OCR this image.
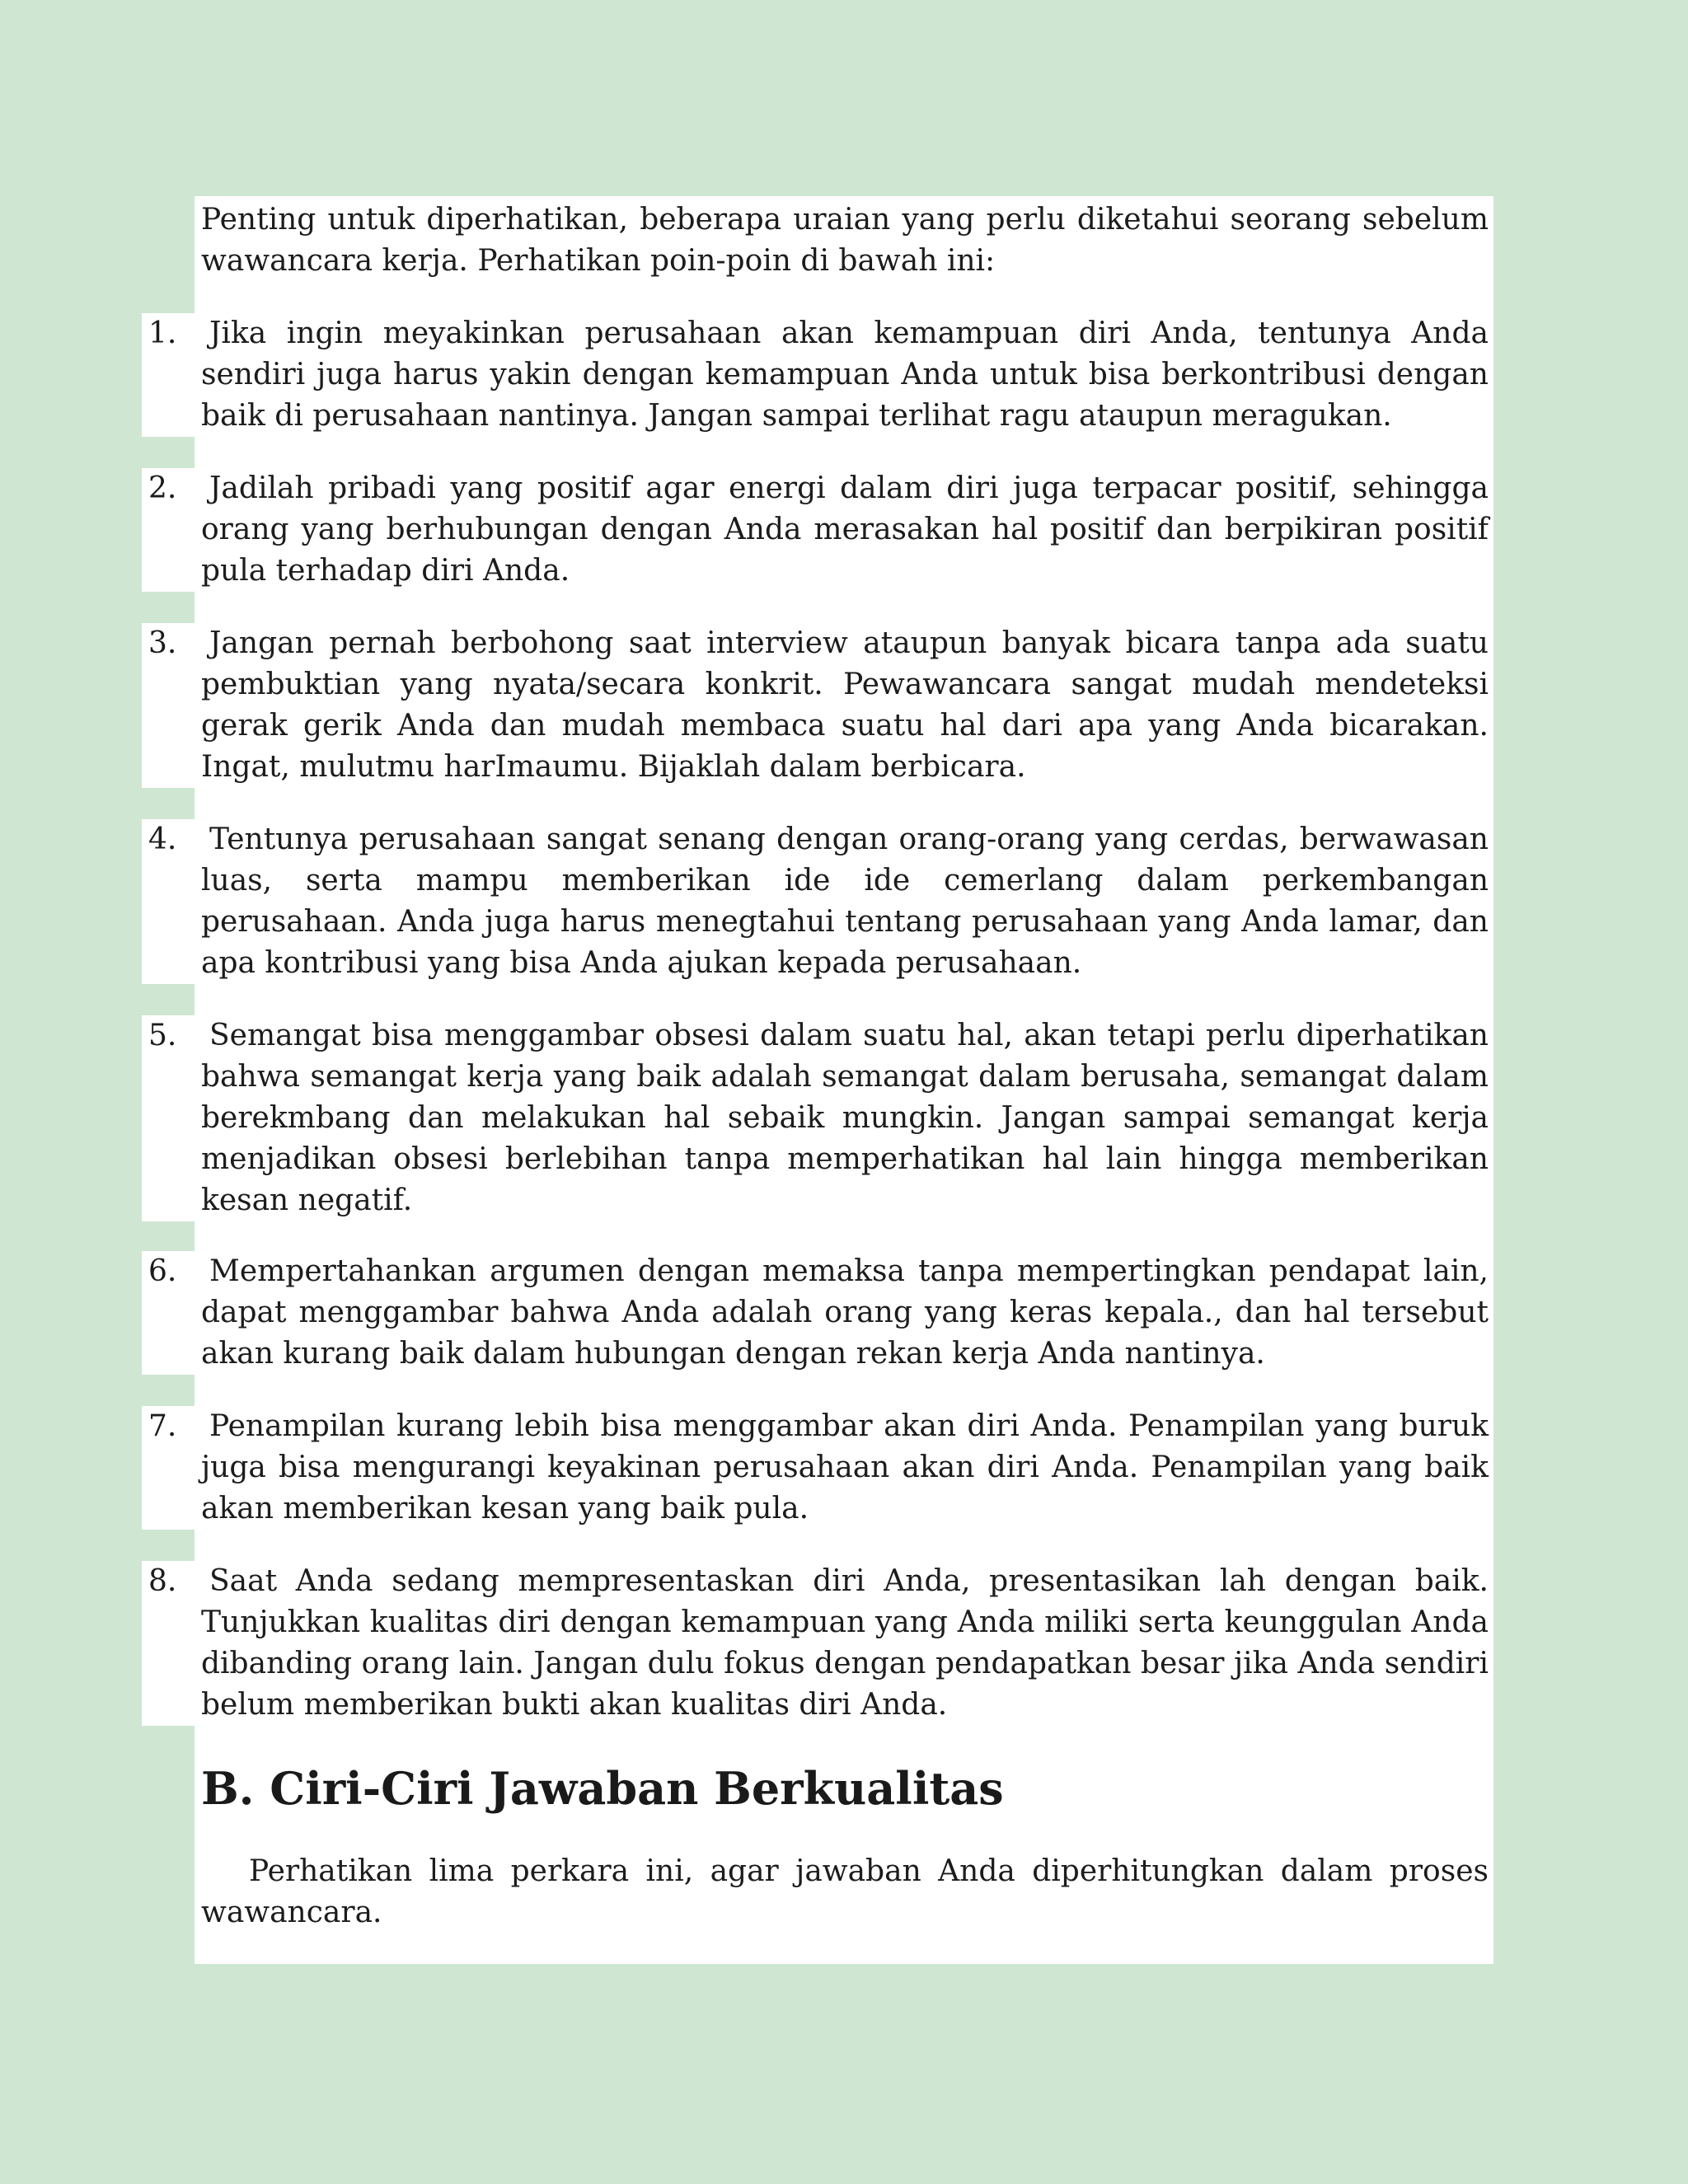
Penting untuk diperhatikan, beberapa uraian yang perlu diketahui seorang sebelum wawancara kerja. Perhatikan poin-poin di bawah ini:

1. Jika ingin meyakinkan perusahaan akan kemampuan diri Anda, tentunya Anda sendiri juga harus yakin dengan kemampuan Anda untuk bisa berkontribusi dengan baik di perusahaan nantinya. Jangan sampai terlihat ragu ataupun meragukan.

2. Jadilah pribadi yang positif agar energi dalam diri juga terpacar positif, sehingga orang yang berhubungan dengan Anda merasakan hal positif dan berpikiran positif pula terhadap diri Anda.

3. Jangan pernah berbohong saat interview ataupun banyak bicara tanpa ada suatu pembuktian yang nyata/secara konkrit. Pewawancara sangat mudah mendeteksi gerak gerik Anda dan mudah membaca suatu hal dari apa yang Anda bicarakan. Ingat, mulutmu harImaumu. Bijaklah dalam berbicara.

4. Tentunya perusahaan sangat senang dengan orang-orang yang cerdas, berwawasan luas, serta mampu memberikan ide ide cemerlang dalam perkembangan perusahaan. Anda juga harus menegtahui tentang perusahaan yang Anda lamar, dan apa kontribusi yang bisa Anda ajukan kepada perusahaan.

5. Semangat bisa menggambar obsesi dalam suatu hal, akan tetapi perlu diperhatikan bahwa semangat kerja yang baik adalah semangat dalam berusaha, semangat dalam berekmbang dan melakukan hal sebaik mungkin. Jangan sampai semangat kerja menjadikan obsesi berlebihan tanpa memperhatikan hal lain hingga memberikan kesan negatif.

6. Mempertahankan argumen dengan memaksa tanpa mempertingkan pendapat lain, dapat menggambar bahwa Anda adalah orang yang keras kepala., dan hal tersebut akan kurang baik dalam hubungan dengan rekan kerja Anda nantinya.

7. Penampilan kurang lebih bisa menggambar akan diri Anda. Penampilan yang buruk juga bisa mengurangi keyakinan perusahaan akan diri Anda. Penampilan yang baik akan memberikan kesan yang baik pula.

8. Saat Anda sedang mempresentaskan diri Anda, presentasikan lah dengan baik. Tunjukkan kualitas diri dengan kemampuan yang Anda miliki serta keunggulan Anda dibanding orang lain. Jangan dulu fokus dengan pendapatkan besar jika Anda sendiri belum memberikan bukti akan kualitas diri Anda.

B. Ciri-Ciri Jawaban Berkualitas

Perhatikan lima perkara ini, agar jawaban Anda diperhitungkan dalam proses wawancara.
